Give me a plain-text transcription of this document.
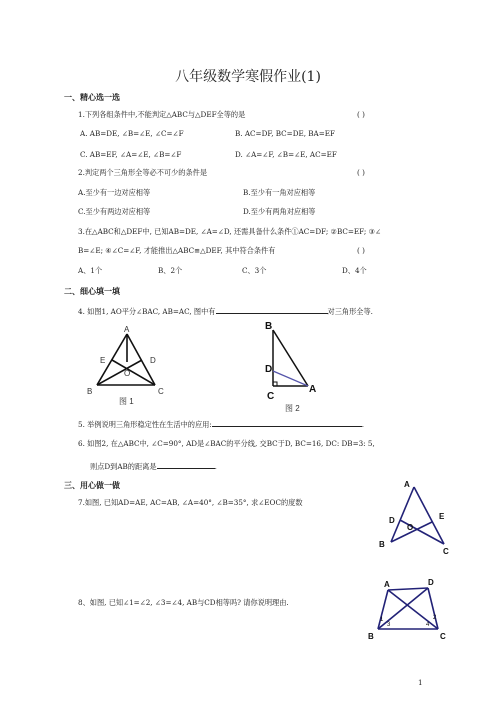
八年级数学寒假作业(1)
一、精心选一选
1.下列各组条件中,不能判定△ABC与△DEF全等的是	( )
A. AB=DE, ∠B=∠E, ∠C=∠F	B. AC=DF, BC=DE, BA=EF
C. AB=EF, ∠A=∠E, ∠B=∠F	D. ∠A=∠F, ∠B=∠E, AC=EF
2.判定两个三角形全等必不可少的条件是	( )
A.至少有一边对应相等	B.至少有一角对应相等
C.至少有两边对应相等	D.至少有两角对应相等
3.在△ABC和△DEF中, 已知AB=DE, ∠A=∠D, 还需具备什么条件①AC=DF; ②BC=EF; ③∠
B=∠E; ④∠C=∠F, 才能推出△ABC≌△DEF, 其中符合条件有	( )
A、1个	B、2个	C、3个	D、4个
二、细心填一填
4. 如图1, AO平分∠BAC, AB=AC, 图中有	对三角形全等.
A
E	D
O
B	C
图 1
B
D
A
C
图 2
5. 举例说明三角形稳定性在生活中的应用:	.
6. 如图2, 在△ABC中, ∠C=90°, AD是∠BAC的平分线, 交BC于D, BC=16, DC: DB=3: 5,
则点D到AB的距离是	.
三、用心做一做
7.如图, 已知AD=AE, AC=AB, ∠A=40°, ∠B=35°, 求∠EOC的度数
A
D	E
O
B
C
8、如图, 已知∠1=∠2, ∠3=∠4, AB与CD相等吗? 请你说明理由.
A	D
1	2
3	4
B	C
1
